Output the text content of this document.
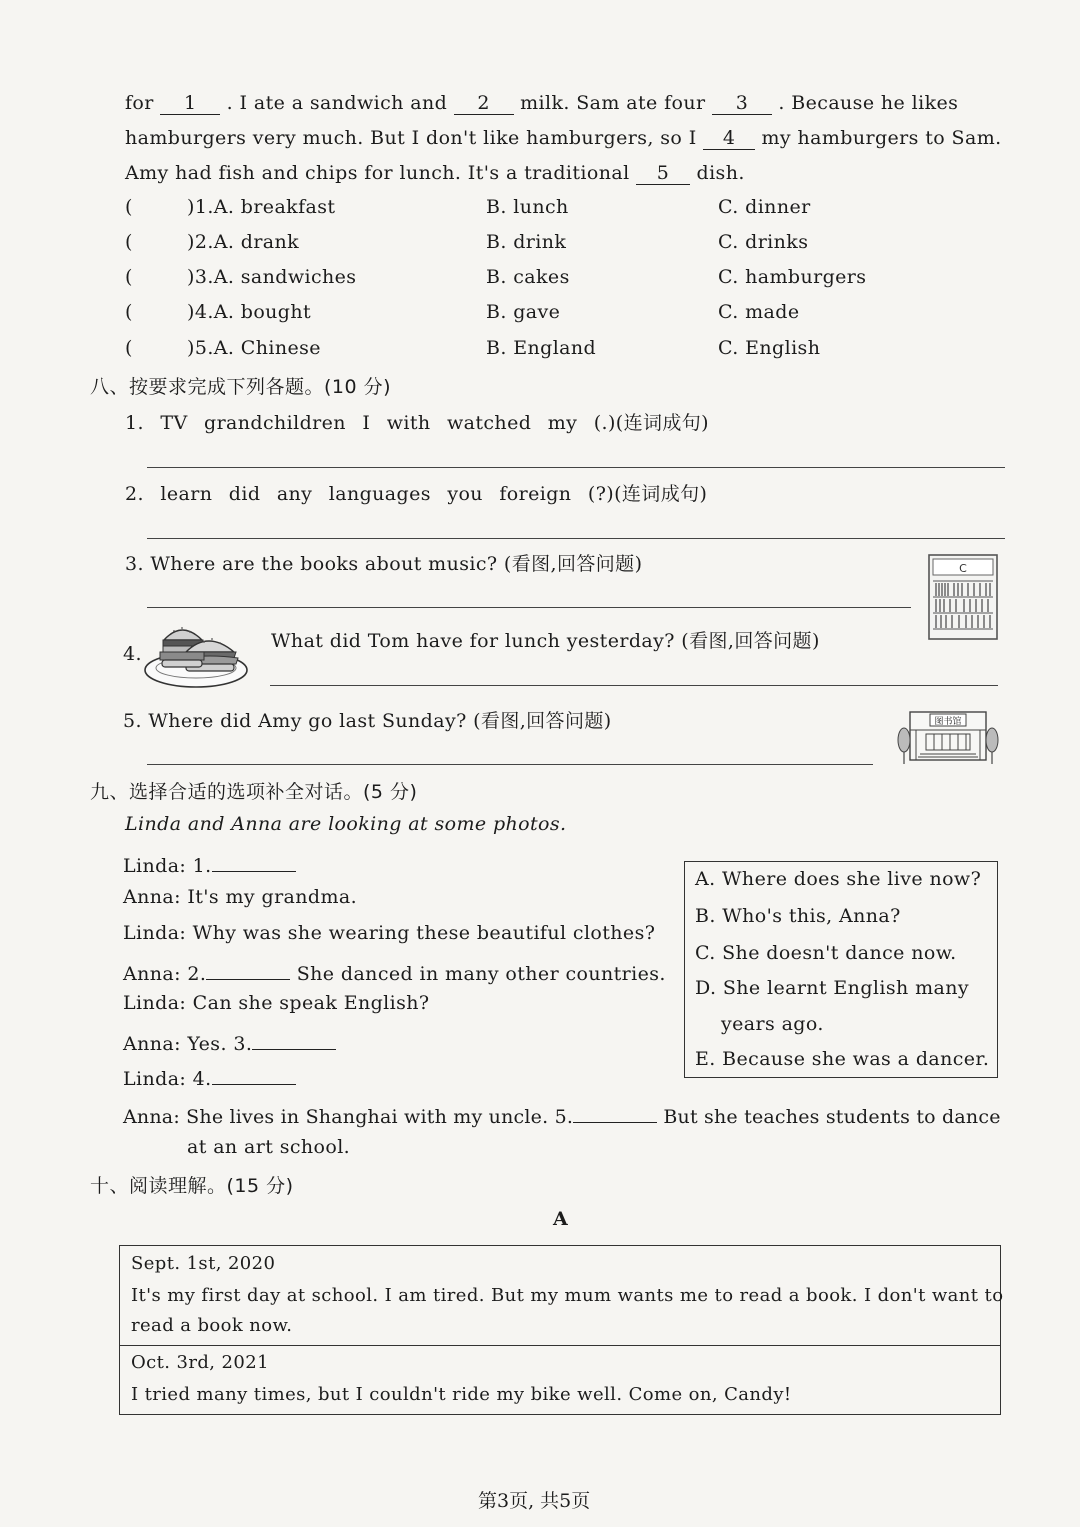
for 1 . I ate a sandwich and 2 milk. Sam ate four 3 . Because he likes
hamburgers very much. But I don't like hamburgers, so I 4 my hamburgers to Sam.
Amy had fish and chips for lunch. It's a traditional 5 dish.
(	)1.A. breakfast	B. lunch	C. dinner
(	)2.A. drank	B. drink	C. drinks
(	)3.A. sandwiches	B. cakes	C. hamburgers
(	)4.A. bought	B. gave	C. made
(	)5.A. Chinese	B. England	C. English
八、按要求完成下列各题。(10 分)
1. TV grandchildren I with watched my (.)(连词成句)
2. learn did any languages you foreign (?)(连词成句)
3. Where are the books about music? (看图,回答问题)	C
4.
What did Tom have for lunch yesterday? (看图,回答问题)
5. Where did Amy go last Sunday? (看图,回答问题)	图书馆
九、选择合适的选项补全对话。(5 分)
Linda and Anna are looking at some photos.
Linda: 1.
Anna: It's my grandma.
Linda: Why was she wearing these beautiful clothes?
Anna: 2.	She danced in many other countries.
Linda: Can she speak English?
Anna: Yes. 3.
Linda: 4.
Anna: She lives in Shanghai with my uncle. 5.	But she teaches students to dance
at an art school.
A. Where does she live now?
B. Who's this, Anna?
C. She doesn't dance now.
D. She learnt English many
years ago.
E. Because she was a dancer.
十、阅读理解。(15 分)
A
Sept. 1st, 2020
It's my first day at school. I am tired. But my mum wants me to read a book. I don't want to
read a book now.
Oct. 3rd, 2021
I tried many times, but I couldn't ride my bike well. Come on, Candy!
第3页, 共5页
